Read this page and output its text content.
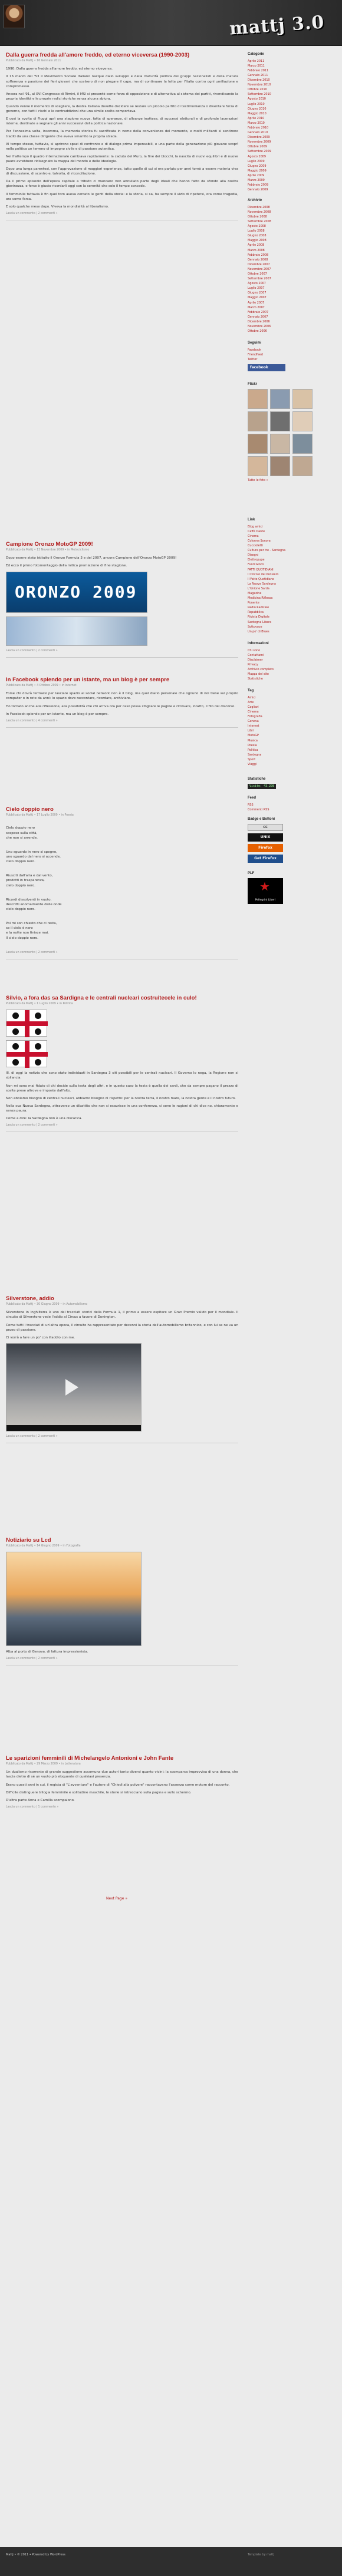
mattj 3.0
Dalla guerra fredda all'amore freddo, ed eterno viceversa (1990-2003)
Pubblicato da Mattj • 16 Gennaio 2011

1990: Dalla guerra fredda all'amore freddo, ed eterno viceversa.

Il 16 marzo del '53 il Movimento Sociale Italiano nacque dallo sviluppo e dalla maturità politica dei gruppi nazionalisti e della matura sofferenza e passione dei fieri giovani che scelsero di non piegare il capo, ma di continuare la lotta per l'Italia contro ogni umiliazione e compromesso.

Ancora nel '91, al XVI Congresso di Rimini, il MSI si presentò come forza di opposizione e di alternativa al sistema dei partiti, rivendicando la propria identità e le proprie radici storiche senza alcuna abiura.

Quando venne il momento di scegliere, la destra italiana dovette decidere se restare un piccolo partito di testimonianza o diventare forza di governo, con tutti i rischi e le contraddizioni che una simile scelta comportava.

E così la svolta di Fiuggi aprì una stagione nuova, fatta di speranze, di alleanze inattese, di successi elettorali e di profonde lacerazioni interne, destinate a segnare gli anni successivi della politica nazionale.

Per l'ennesima volta, insomma, la memoria storica fu sacrificata in nome della convenienza del momento, e molti militanti si sentirono traditi da una classe dirigente che aveva smarrito la propria strada.

Al tempo stesso, tuttavia, si aprirono spazi di confronto e di dialogo prima impensabili, e una parte della generazione più giovane scoprì nella politica un terreno di impegno civile e di passione autentica.

Nel frattempo il quadro internazionale cambiava rapidamente: la caduta del Muro, la fine dei blocchi, la nascita di nuovi equilibri e di nuove paure avrebbero ridisegnato la mappa del mondo e delle ideologie.

Dopo una lunga parentesi, con l'approvazione di maggiori esperienze, tutto quello di cui si era parlato per anni tornò a essere materia viva di discussione, di scontro e, talvolta, di riconciliazione.

Da il primo episodio dell'epoca capitale a tributo ci mancano non annullato parte degli ideali che hanno fatto da sfondo alla nostra giovinezza, e forse è giusto ricordarli oggi con la serenità che solo il tempo concede.

Il femminile tuttavia è fin quel toro aveva cercato le genti della storia: e la storia, si sa, ha sempre il vizio di ripetersi, ora come tragedia, ora come farsa.

E solo qualche mese dopo. Viveva la mondialità al liberalismo.

Lascia un commento | 2 commenti »
Campione Oronzo MotoGP 2009!
Pubblicato da Mattj • 13 Novembre 2009 • in Motociclismo

Dopo essere stato istituito il Oronzo Formula 3 e del 2007, ancora Campione dell'Oronzo MotoGP 2009!

Ed ecco il primo fotomontaggio della mitica premiazione di fine stagione.

ORONZO 2009
Lascia un commento | 2 commenti »
In Facebook splendo per un istante, ma un blog è per sempre
Pubblicato da Mattj • 4 Ottobre 2009 • in Internet

Forse chi dovrà fermarsi per lasciare spazio ai social network non è il blog, ma quel diario personale che ognuno di noi tiene sul proprio computer o in rete da anni: lo spazio dove raccontare, ricordare, archiviare.

Ho tornato anche alla riflessione, alla possibilità che chi arriva ora per caso possa sfogliare le pagine e ritrovare, intatto, il filo del discorso.

In Facebook splendo per un istante, ma un blog è per sempre.

Lascia un commento | 4 commenti »
Cielo doppio nero
Pubblicato da Mattj • 17 Luglio 2009 • in Poesia

Cielo doppio nero
sospeso sulla città,
che non si arrende.

Uno sguardo in nero si spegne,
uno sguardo dal nero si accende,
cielo doppio nero.

Riusciti dall'aria e dal vento,
prodotti in trasparenza,
cielo doppio nero.

Ricordi dissolventi in vuoto,
descritti anomalmente dalle onde
cielo doppio nero.

Poi mi son chiesto che ci resta,
se il cielo è nero
e la notte non finisce mai.
Il cielo doppio nero.

Lascia un commento | 2 commenti »
Silvio, a fora das sa Sardigna e le centrali nucleari costruitecele in culo!
Pubblicato da Mattj • 1 Luglio 2009 • in Politica

Ill. di oggi la notizia che sono stato individuati in Sardegna 3 siti possibili per le centrali nucleari. Il Governo lo nega, la Regione non si sbilancia.

Non mi sono mai fidato di chi decide sulla testa degli altri, e in questo caso la testa è quella dei sardi, che da sempre pagano il prezzo di scelte prese altrove e imposte dall'alto.

Non abbiamo bisogno di centrali nucleari, abbiamo bisogno di rispetto: per la nostra terra, il nostro mare, la nostra gente e il nostro futuro.

Nella sua Nuova Sardegna, attraverso un dibattito che non si esaurisce in una conferenza, ci sono le ragioni di chi dice no, chiaramente e senza paura.

Come a dire: la Sardegna non è una discarica.

Lascia un commento | 2 commenti »
Silverstone, addio
Pubblicato da Mattj • 30 Giugno 2009 • in Automobilismo

Silverstone in Inghilterra è uno dei tracciati storici della Formula 1, il primo a essere ospitare un Gran Premio valido per il mondiale. Il circuito di Silverstone vede l'addio al Circus a favore di Donington.

Come tutti i tracciati di un'altra epoca, il circuito ha rappresentato per decenni la storia dell'automobilismo britannico, e con lui se ne va un pezzo di passione.

Ci vorrà a fare un po' con il'addio con me.

Lascia un commento | 2 commenti »
Notiziario su Lcd
Pubblicato da Mattj • 14 Giugno 2009 • in Fotografia

Alba al porto di Genova, di fattura impressionista.

Lascia un commento | 2 commenti »
Le sparizioni femminili di Michelangelo Antonioni e John Fante
Pubblicato da Mattj • 29 Marzo 2009 • in Letteratura

Un dualismo ricorrente di grande suggestione accomuna due autori tanto diversi quanto vicini: la scomparsa improvvisa di una donna, che lascia dietro di sé un vuoto più eloquente di qualsiasi presenza.

Erano questi anni in cui, il regista di "L'avventura" e l'autore di "Chiedi alla polvere" raccontavano l'assenza come motore del racconto.

Difficile distinguere trilogia femminile e solitudine maschile, le storie si intrecciano sulla pagina e sullo schermo.

D'altra parte Anna e Camilla scompaiono.

Lascia un commento | 1 commento »
Next Page »
Categorie
Aprile 2011
Marzo 2011
Febbraio 2011
Gennaio 2011
Dicembre 2010
Novembre 2010
Ottobre 2010
Settembre 2010
Agosto 2010
Luglio 2010
Giugno 2010
Maggio 2010
Aprile 2010
Marzo 2010
Febbraio 2010
Gennaio 2010
Dicembre 2009
Novembre 2009
Ottobre 2009
Settembre 2009
Agosto 2009
Luglio 2009
Giugno 2009
Maggio 2009
Aprile 2009
Marzo 2009
Febbraio 2009
Gennaio 2009
Archivio
Dicembre 2008
Novembre 2008
Ottobre 2008
Settembre 2008
Agosto 2008
Luglio 2008
Giugno 2008
Maggio 2008
Aprile 2008
Marzo 2008
Febbraio 2008
Gennaio 2008
Dicembre 2007
Novembre 2007
Ottobre 2007
Settembre 2007
Agosto 2007
Luglio 2007
Giugno 2007
Maggio 2007
Aprile 2007
Marzo 2007
Febbraio 2007
Gennaio 2007
Dicembre 2006
Novembre 2006
Ottobre 2006
Seguimi
Facebook
Friendfeed
Twitter
facebook
Flickr
Tutte le foto »
Link
Blog amici
Caffè Dante
Cinema
Colonna Sonora
Cuccioletti
Cultura per tre - Sardegna
Disegni
Elettropupe
Fuori Gioco
FATTI QUOTIDIANI
Il Circolo del Pensiero
Il Fatto Quotidiano
La Nuova Sardegna
L'Unione Sarda
Magazine
Medicina Riflessa
Ponente
Radio Radicale
Repubblica
Rivista Digitale
Sardegna Libera
Sottovoce
Un po' di Blues
Informazioni
Chi sono
Contattami
Disclaimer
Privacy
Archivio completo
Mappa del sito
Statistiche
Tag
Amici
Arte
Cagliari
Cinema
Fotografia
Genova
Internet
Libri
MotoGP
Musica
Poesia
Politica
Sardegna
Sport
Viaggi
Statistiche
Visite: 43.298
Feed
RSS
Commenti RSS
Badge e Bottoni
CC
UNIX
Firefox
Get Firefox
PLF
★
Pellegrini Liberi
Mattj • © 2011 • Powered by WordPress	Template by mattj
